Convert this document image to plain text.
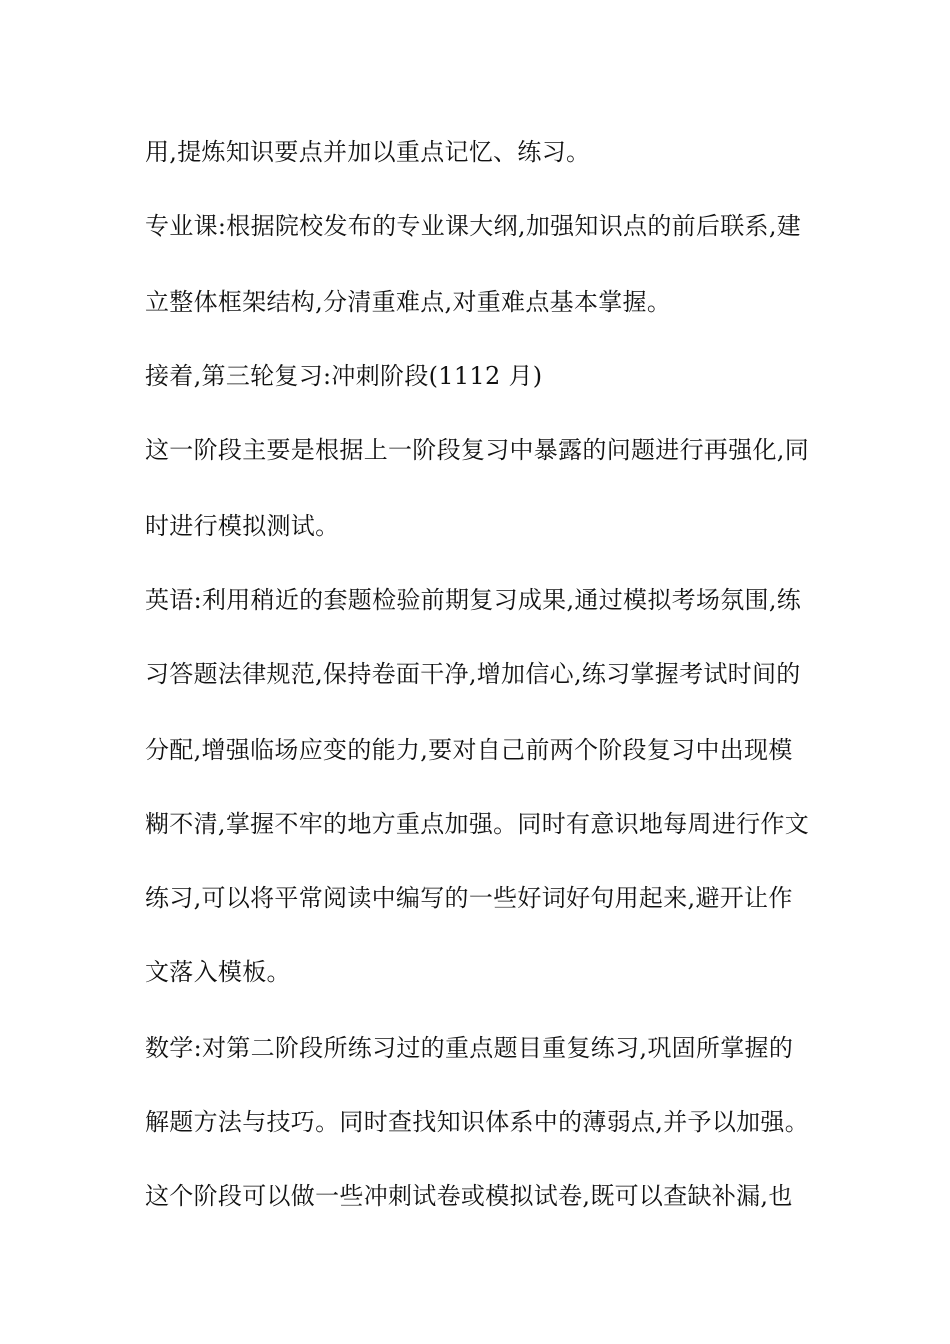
用,提炼知识要点并加以重点记忆、练习。
专业课:根据院校发布的专业课大纲,加强知识点的前后联系,建
立整体框架结构,分清重难点,对重难点基本掌握。
接着,第三轮复习:冲刺阶段(1112 月)
这一阶段主要是根据上一阶段复习中暴露的问题进行再强化,同
时进行模拟测试。
英语:利用稍近的套题检验前期复习成果,通过模拟考场氛围,练
习答题法律规范,保持卷面干净,增加信心,练习掌握考试时间的
分配,增强临场应变的能力,要对自己前两个阶段复习中出现模
糊不清,掌握不牢的地方重点加强。同时有意识地每周进行作文
练习,可以将平常阅读中编写的一些好词好句用起来,避开让作
文落入模板。
数学:对第二阶段所练习过的重点题目重复练习,巩固所掌握的
解题方法与技巧。同时查找知识体系中的薄弱点,并予以加强。
这个阶段可以做一些冲刺试卷或模拟试卷,既可以查缺补漏,也
